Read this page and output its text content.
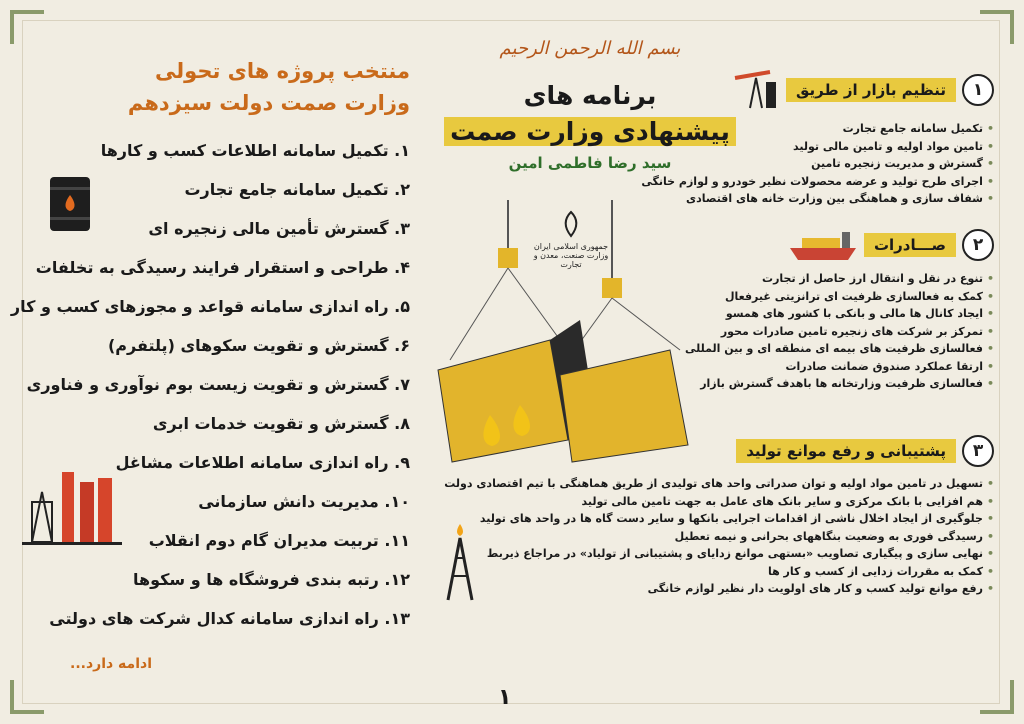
منتخب پروژه های تحولی
وزارت صمت دولت سیزدهم
۱. تکمیل سامانه اطلاعات کسب و کارها
۲. تکمیل سامانه جامع تجارت
۳. گسترش تأمین مالی زنجیره ای
۴. طراحی و استقرار فرایند رسیدگی به تخلفات
۵. راه اندازی سامانه قواعد و مجوزهای کسب و کار
۶. گسترش و تقویت سکوهای (پلتفرم)
۷. گسترش و تقویت زیست بوم نوآوری و فناوری
۸. گسترش و تقویت خدمات ابری
۹. راه اندازی سامانه اطلاعات مشاغل
۱۰. مدیریت دانش سازمانی
۱۱. تربیت مدیران گام دوم انقلاب
۱۲. رتبه بندی فروشگاه ها و سکوها
۱۳. راه اندازی سامانه کدال شرکت های دولتی
ادامه دارد...
بسم الله الرحمن الرحیم
برنامه های
پیشنهادی وزارت صمت
سید رضا فاطمی امین
جمهوری اسلامی ایران
وزارت صنعت، معدن و تجارت
۱
تنظیم بازار از طریق
• تکمیل سامانه جامع تجارت
• تامین مواد اولیه و تامین مالی تولید
• گسترش و مدیریت زنجیره تامین
• اجرای طرح تولید و عرضه محصولات نظیر خودرو و لوازم خانگی
• شفاف سازی و هماهنگی بین وزارت خانه های اقتصادی
۲
صـــادرات
• تنوع در نقل و انتقال ارز حاصل از تجارت
• کمک به فعالسازی ظرفیت ای ترانزیتی غیرفعال
• ایجاد کانال ها مالی و بانکی با کشور های همسو
• تمرکز بر شرکت های زنجیره تامین صادرات محور
• فعالسازی ظرفیت های بیمه ای منطقه ای و بین المللی
• ارتقا عملکرد صندوق ضمانت صادرات
• فعالسازی ظرفیت وزارتخانه ها باهدف گسترش بازار
۳
پشتیبانی و رفع موانع تولید
• تسهیل در تامین مواد اولیه و توان صدراتی واحد های تولیدی از طریق هماهنگی با تیم اقتصادی دولت
• هم افزایی با بانک مرکزی و سایر بانک های عامل به جهت تامین مالی تولید
• جلوگیری از ایجاد اخلال ناشی از اقدامات اجرایی بانکها و سایر دست گاه ها در واحد های تولید
• رسیدگی فوری به وضعیت بنگاههای بحرانی و نیمه تعطیل
• نهایی سازی و پیگیاری تصاویب «بستهی موانع زدایای و پشتیبانی از تولیاد» در مراجاع ذیربط
• کمک به مقررات زدایی از کسب و کار ها
• رفع موانع تولید کسب و کار های اولویت دار نظیر لوازم خانگی
۱
